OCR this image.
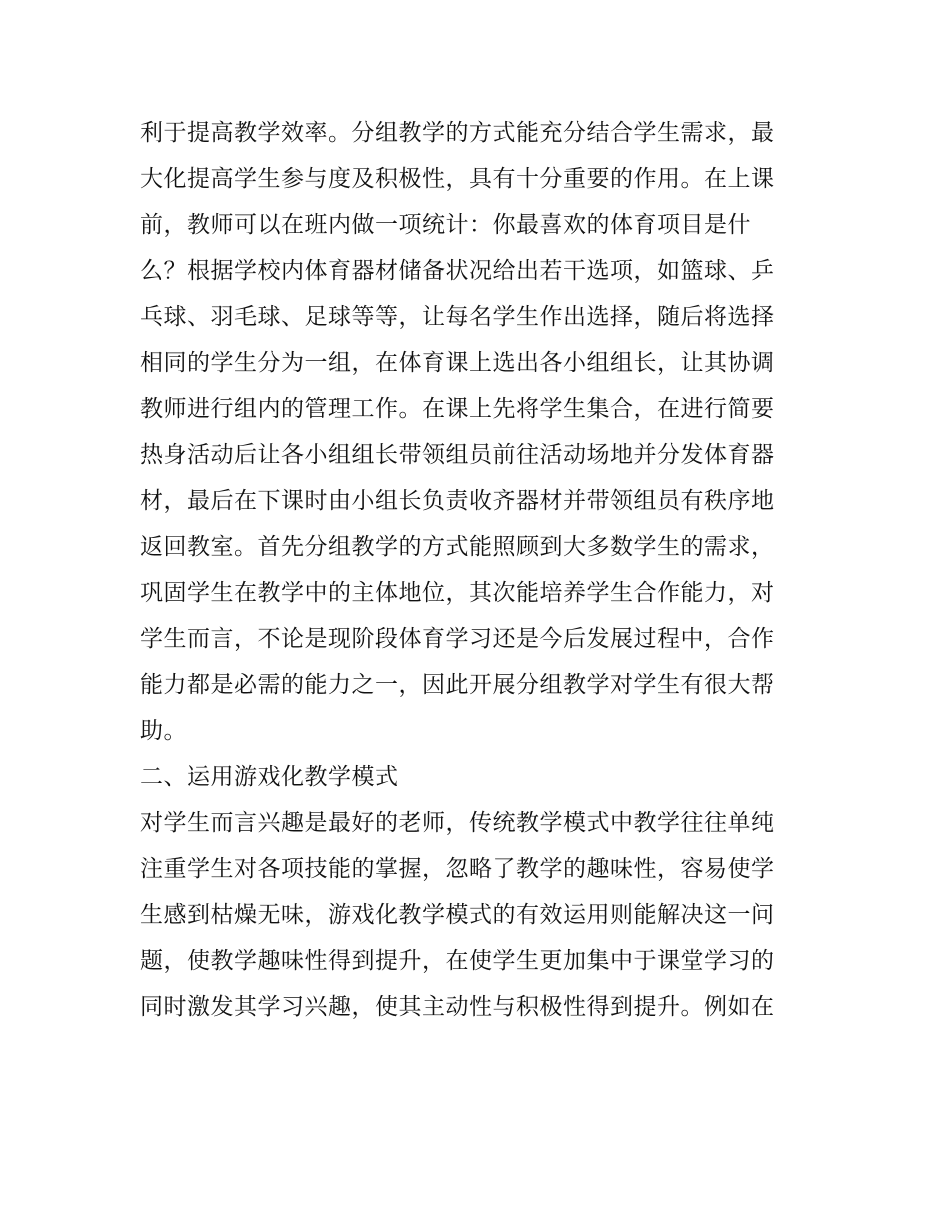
利于提高教学效率。分组教学的方式能充分结合学生需求，最
大化提高学生参与度及积极性，具有十分重要的作用。在上课
前，教师可以在班内做一项统计：你最喜欢的体育项目是什
么？根据学校内体育器材储备状况给出若干选项，如篮球、乒
乓球、羽毛球、足球等等，让每名学生作出选择，随后将选择
相同的学生分为一组，在体育课上选出各小组组长，让其协调
教师进行组内的管理工作。在课上先将学生集合，在进行简要
热身活动后让各小组组长带领组员前往活动场地并分发体育器
材，最后在下课时由小组长负责收齐器材并带领组员有秩序地
返回教室。首先分组教学的方式能照顾到大多数学生的需求，
巩固学生在教学中的主体地位，其次能培养学生合作能力，对
学生而言，不论是现阶段体育学习还是今后发展过程中，合作
能力都是必需的能力之一，因此开展分组教学对学生有很大帮
助。
二、运用游戏化教学模式
对学生而言兴趣是最好的老师，传统教学模式中教学往往单纯
注重学生对各项技能的掌握，忽略了教学的趣味性，容易使学
生感到枯燥无味，游戏化教学模式的有效运用则能解决这一问
题，使教学趣味性得到提升，在使学生更加集中于课堂学习的
同时激发其学习兴趣，使其主动性与积极性得到提升。例如在
